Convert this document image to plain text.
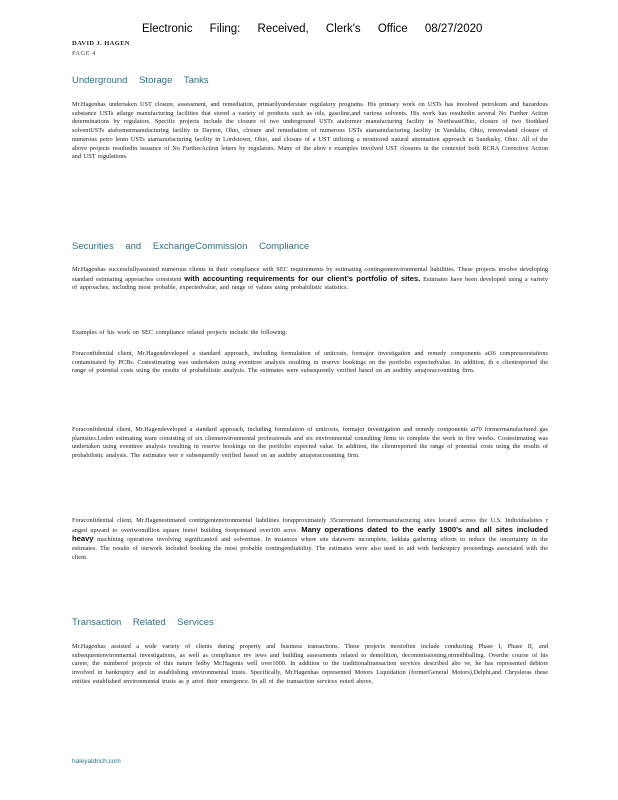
Electronic Filing: Received, Clerk's Office 08/27/2020
DAVID J. HAGEN
PAGE 4
Underground Storage Tanks
Mr.Hagenhas undertaken UST closure, assessment, and remediation, primarilyunderstate regulatory programs. His primary work on USTs has involved petroleum and hazardous substance USTs atlarge manufacturing facilities that stored a variety of products such as oils, gasoline,and various solvents. His work has resultedin several No Further Action determinations by regulators. Specific projects include the closure of two underground USTs ataformer manufacturing facility in NortheastOhio, closure of two Stoddard solventUSTs ataformermanufacturing facility in Dayton, Ohio, closure and remediation of numerous USTs atamanufacturing facility in Vandalia, Ohio, removaland closure of numerous petro leum USTs atamanufacturing facility in Lordstown, Ohio, and closure of a UST utilizing a monitored natural attenuation approach in Sandusky, Ohio. All of the above projects resultedin issuance of No FurtherAction letters by regulators. Many of the abov e examples involved UST closures in the contextof both RCRA Corrective Action and UST regulations.
Securities and ExchangeCommission Compliance
Mr.Hagenhas successfullyassisted numerous clients in their compliance with SEC requirements by estimating contingentenvironmental liabilities. These projects involve developing standard estimating approaches consistent with accounting requirements for our client’s portfolio of sites. Estimates have been developed using a variety of approaches, including most probable, expectedvalue, and range of values using probabilistic statistics.
Examples of his work on SEC compliance related projects include the following:
Foraconfidential client, Mr.Hagendeveloped a standard approach, including formulation of unitcosts, formajor investigation and remedy components at36 compressorstations contaminated by PCBs. Costestimating was undertaken using eventtree analysis resulting in reserve bookings on the portfolio expectedvalue. In addition, th e clientreported the range of potential costs using the results of probabilistic analysis. The estimates were subsequently verified based on an auditby amajoraccounting firm.
Foraconfidential client, Mr.Hagendeveloped a standard approach, including formulation of unitcosts, formajor investigation and remedy components at70 formermanufactured gas plantsites.Leden estimating team consisting of six clientenvironmental professionals and six environmental consulting firms to complete the work in five weeks. Costestimating was undertaken using eventtree analysis resulting in reserve bookings on the portfolio expected value. In addition, the clientreported the range of potential costs using the results of probabilistic analysis. The estimates wer e subsequently verified based on an auditby amajoraccounting firm.
Foraconfidential client, Mr.Hagenestimated contingentenvironmental liabilities forapproximately 35currentand formermanufacturing sites located across the U.S. Individualsites r anged upward to overtwomillion square feetof building footprintand over100 acres. Many operations dated to the early 1900’s and all sites included heavy machining operations involving significantoil and solventuse. In instances where site datawere incomplete, laddata gathering efforts to reduce the uncertainty in the estimates. The results of ourwork included booking the most probable contingentliability. The estimates were also used to aid with bankruptcy proceedings associated with the client.
Transaction Related Services
Mr.Hagenhas assisted a wide variety of clients during property and business transactions. These projects mostoften include conducting Phase I, Phase II, and subsequentenvironmental investigations, as well as compliance rev iews and building assessments related to demolition, decommissioning,ormothballing. Overthe course of his career, the numberof projects of this nature ledby Mr.Hagenis well over1000. In addition to the traditionaltransaction services described abo ve, he has represented debtors involved in bankruptcy and in establishing environmental trusts. Specifically, Mr.Hagenhas represented Motors Liquidation (formerGeneral Motors),Delphi,and Chrysleras these entities established environmental trusts as p artof their emergence. In all of the transaction services noted above,
haleyaldrich.com
